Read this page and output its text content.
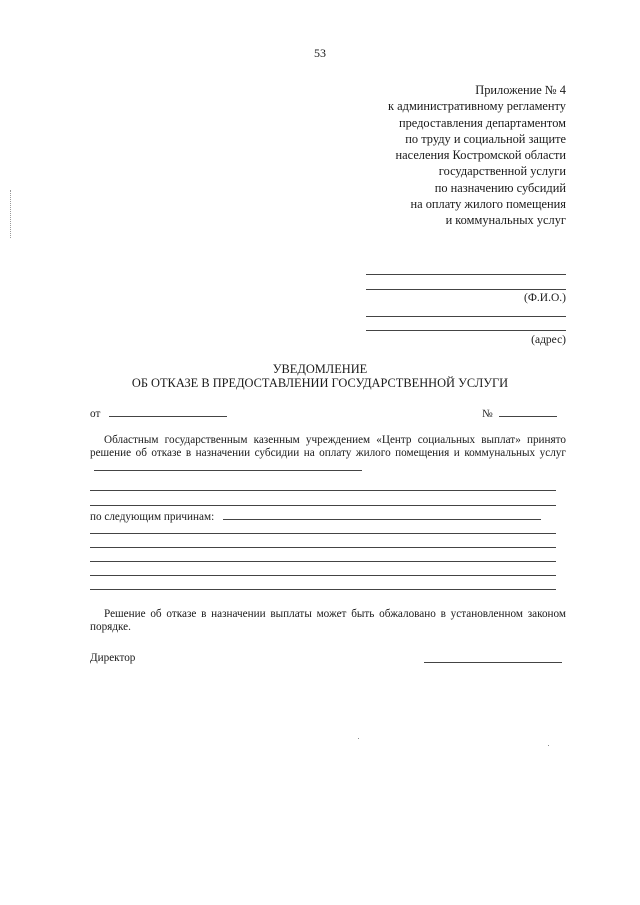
53
Приложение № 4
к административному регламенту
предоставления департаментом
по труду и социальной защите
населения Костромской области
государственной услуги
по назначению субсидий
на оплату жилого помещения
и коммунальных услуг
(Ф.И.О.)
(адрес)
УВЕДОМЛЕНИЕ
ОБ ОТКАЗЕ В ПРЕДОСТАВЛЕНИИ ГОСУДАРСТВЕННОЙ УСЛУГИ
от	№
Областным государственным казенным учреждением «Центр социальных выплат» принято решение об отказе в назначении субсидии на оплату жилого помещения и коммунальных услуг
по следующим причинам:
Решение об отказе в назначении выплаты может быть обжаловано в установленном законом порядке.
Директор
